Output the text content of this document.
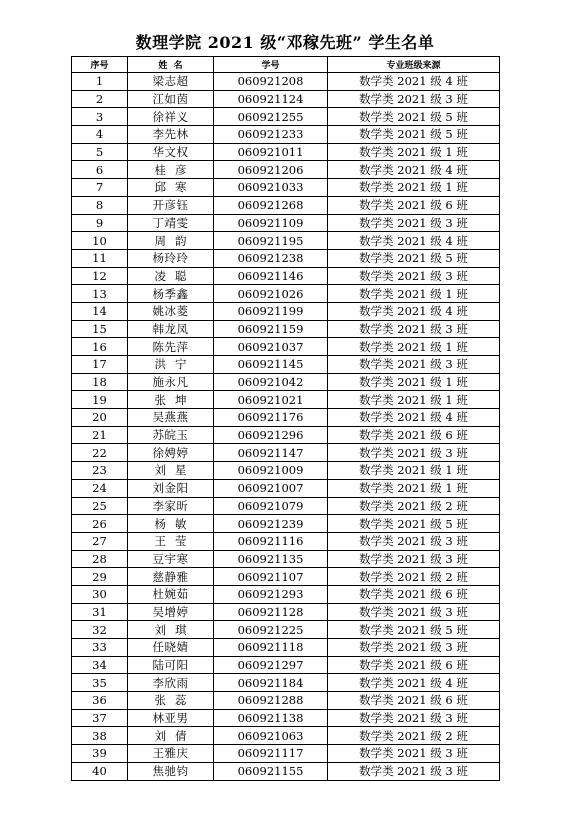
数理学院 2021 级“邓稼先班” 学生名单
序号	姓  名	学号	专业班级来源
1	梁志超	060921208	数学类 2021 级 4 班
2	江如茵	060921124	数学类 2021 级 3 班
3	徐祥义	060921255	数学类 2021 级 5 班
4	李先林	060921233	数学类 2021 级 5 班
5	华文权	060921011	数学类 2021 级 1 班
6	桂彦	060921206	数学类 2021 级 4 班
7	邱寒	060921033	数学类 2021 级 1 班
8	开彦钰	060921268	数学类 2021 级 6 班
9	丁靖雯	060921109	数学类 2021 级 3 班
10	周韵	060921195	数学类 2021 级 4 班
11	杨玲玲	060921238	数学类 2021 级 5 班
12	凌聪	060921146	数学类 2021 级 3 班
13	杨季鑫	060921026	数学类 2021 级 1 班
14	姚冰菱	060921199	数学类 2021 级 4 班
15	韩龙凤	060921159	数学类 2021 级 3 班
16	陈先萍	060921037	数学类 2021 级 1 班
17	洪宁	060921145	数学类 2021 级 3 班
18	施永凡	060921042	数学类 2021 级 1 班
19	张坤	060921021	数学类 2021 级 1 班
20	吴燕燕	060921176	数学类 2021 级 4 班
21	苏皖玉	060921296	数学类 2021 级 6 班
22	徐娉婷	060921147	数学类 2021 级 3 班
23	刘星	060921009	数学类 2021 级 1 班
24	刘金阳	060921007	数学类 2021 级 1 班
25	李家昕	060921079	数学类 2021 级 2 班
26	杨敏	060921239	数学类 2021 级 5 班
27	王莹	060921116	数学类 2021 级 3 班
28	豆宇寒	060921135	数学类 2021 级 3 班
29	慈静雅	060921107	数学类 2021 级 2 班
30	杜婉茹	060921293	数学类 2021 级 6 班
31	吴增婷	060921128	数学类 2021 级 3 班
32	刘琪	060921225	数学类 2021 级 5 班
33	任晓婧	060921118	数学类 2021 级 3 班
34	陆可阳	060921297	数学类 2021 级 6 班
35	李欣雨	060921184	数学类 2021 级 4 班
36	张蕊	060921288	数学类 2021 级 6 班
37	林亚男	060921138	数学类 2021 级 3 班
38	刘倩	060921063	数学类 2021 级 2 班
39	王雅庆	060921117	数学类 2021 级 3 班
40	焦驰钧	060921155	数学类 2021 级 3 班
